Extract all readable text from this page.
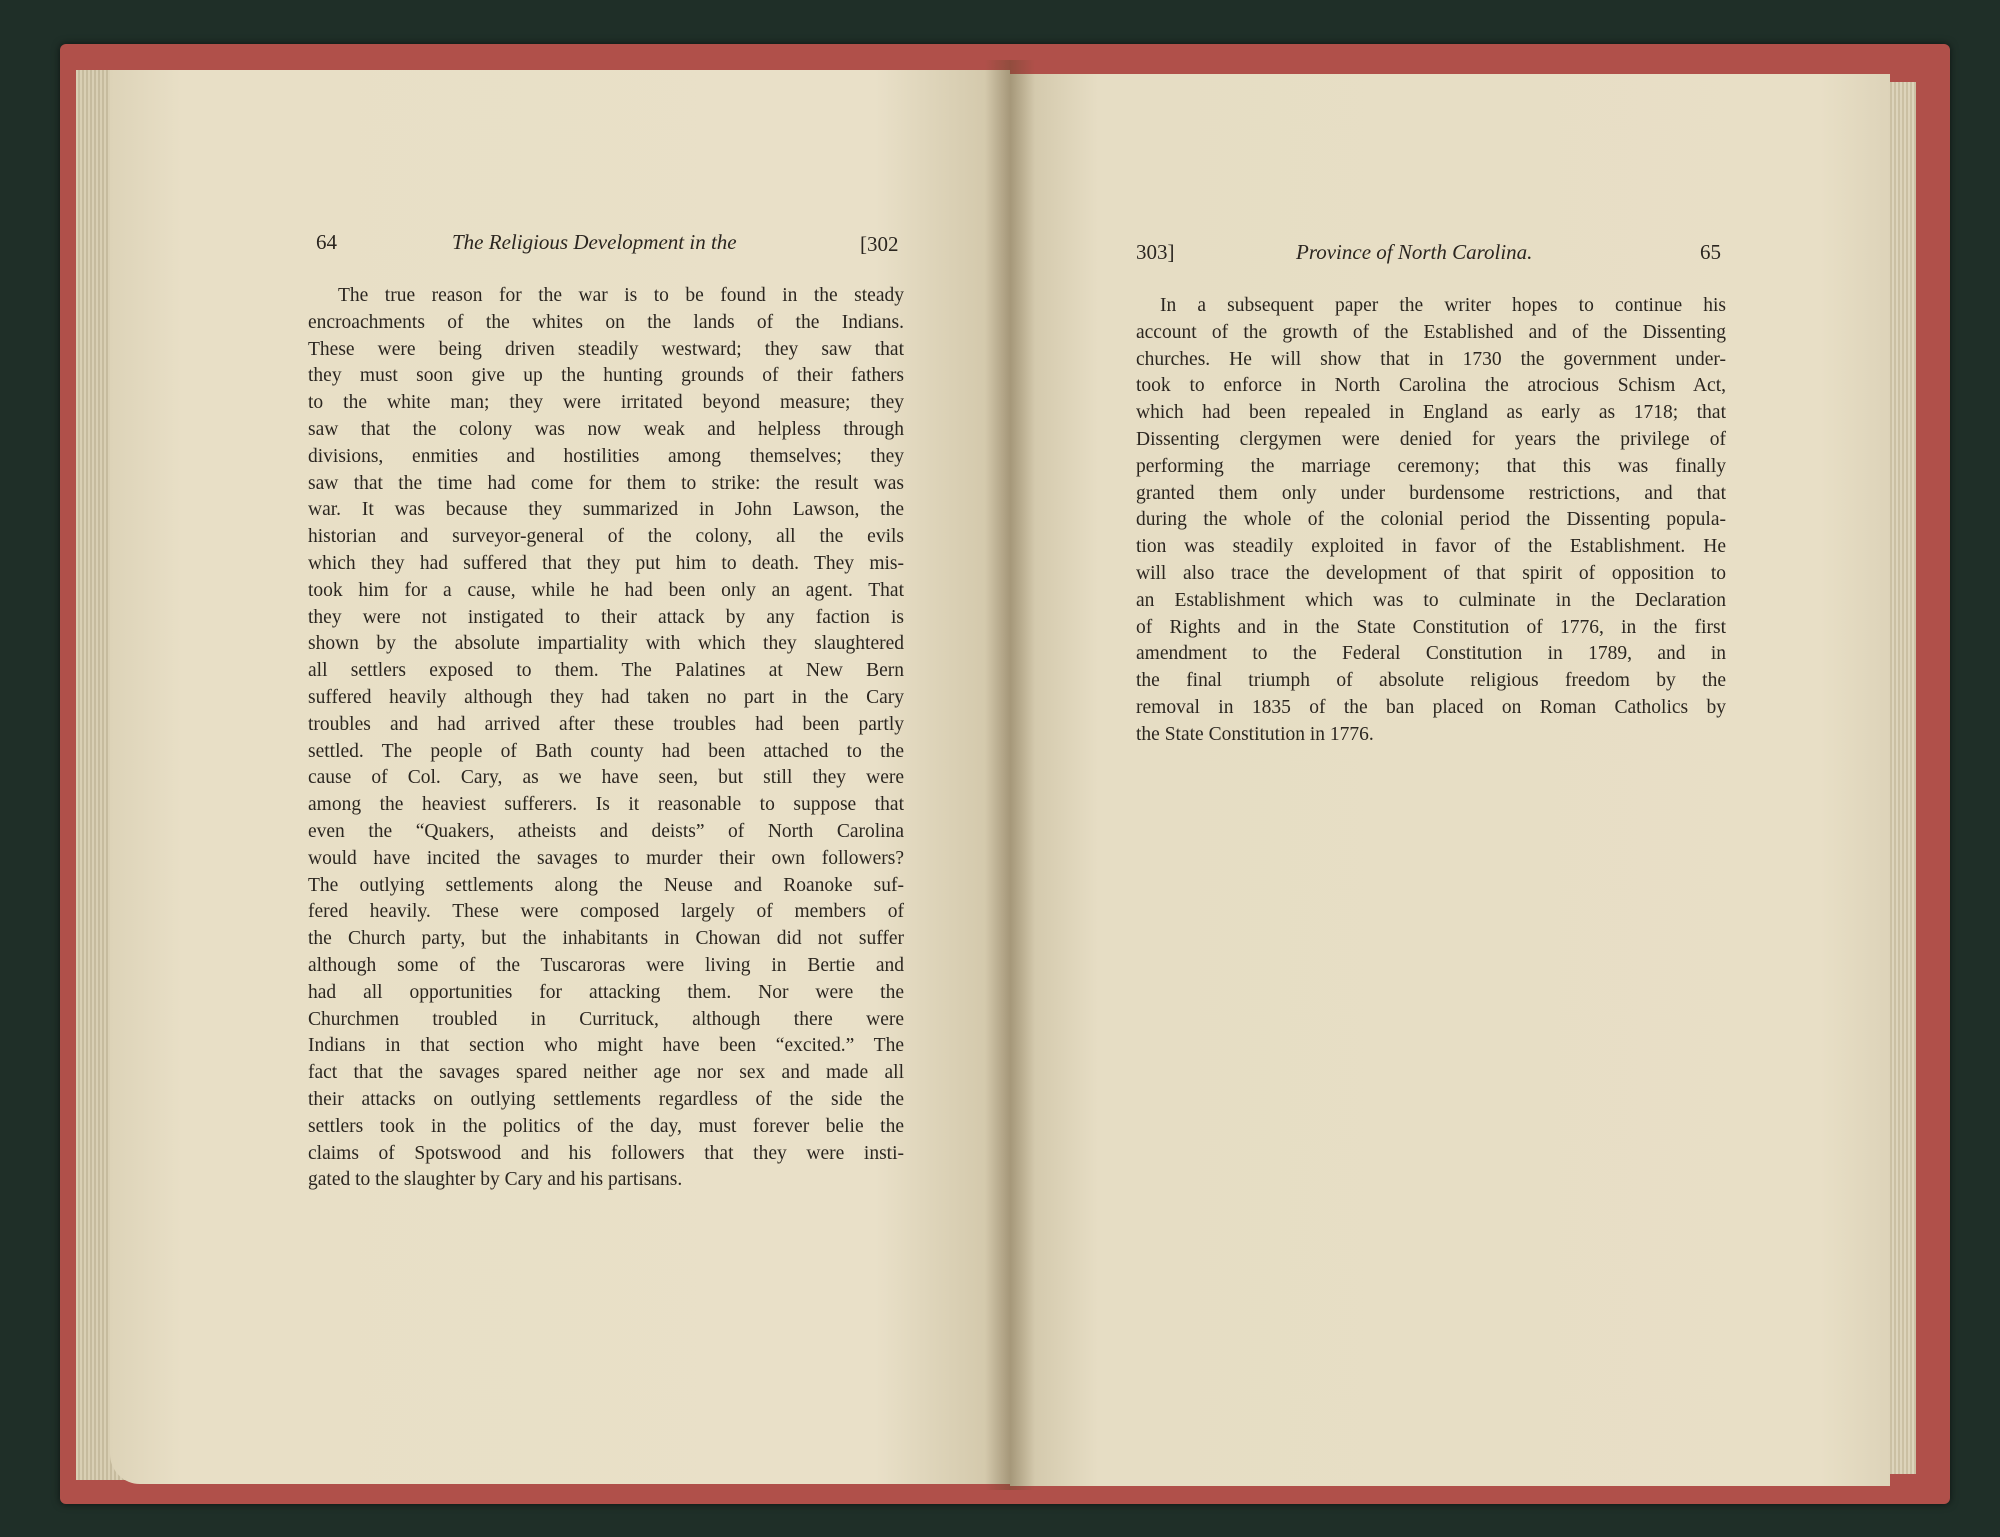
64	The Religious Development in the	[302
The true reason for the war is to be found in the steady
encroachments of the whites on the lands of the Indians.
These were being driven steadily westward; they saw that
they must soon give up the hunting grounds of their fathers
to the white man; they were irritated beyond measure; they
saw that the colony was now weak and helpless through
divisions, enmities and hostilities among themselves; they
saw that the time had come for them to strike: the result was
war. It was because they summarized in John Lawson, the
historian and surveyor-general of the colony, all the evils
which they had suffered that they put him to death. They mis-
took him for a cause, while he had been only an agent. That
they were not instigated to their attack by any faction is
shown by the absolute impartiality with which they slaughtered
all settlers exposed to them. The Palatines at New Bern
suffered heavily although they had taken no part in the Cary
troubles and had arrived after these troubles had been partly
settled. The people of Bath county had been attached to the
cause of Col. Cary, as we have seen, but still they were
among the heaviest sufferers. Is it reasonable to suppose that
even the “Quakers, atheists and deists” of North Carolina
would have incited the savages to murder their own followers?
The outlying settlements along the Neuse and Roanoke suf-
fered heavily. These were composed largely of members of
the Church party, but the inhabitants in Chowan did not suffer
although some of the Tuscaroras were living in Bertie and
had all opportunities for attacking them. Nor were the
Churchmen troubled in Currituck, although there were
Indians in that section who might have been “excited.” The
fact that the savages spared neither age nor sex and made all
their attacks on outlying settlements regardless of the side the
settlers took in the politics of the day, must forever belie the
claims of Spotswood and his followers that they were insti-
gated to the slaughter by Cary and his partisans.
303]	Province of North Carolina.	65
In a subsequent paper the writer hopes to continue his
account of the growth of the Established and of the Dissenting
churches. He will show that in 1730 the government under-
took to enforce in North Carolina the atrocious Schism Act,
which had been repealed in England as early as 1718; that
Dissenting clergymen were denied for years the privilege of
performing the marriage ceremony; that this was finally
granted them only under burdensome restrictions, and that
during the whole of the colonial period the Dissenting popula-
tion was steadily exploited in favor of the Establishment. He
will also trace the development of that spirit of opposition to
an Establishment which was to culminate in the Declaration
of Rights and in the State Constitution of 1776, in the first
amendment to the Federal Constitution in 1789, and in
the final triumph of absolute religious freedom by the
removal in 1835 of the ban placed on Roman Catholics by
the State Constitution in 1776.
